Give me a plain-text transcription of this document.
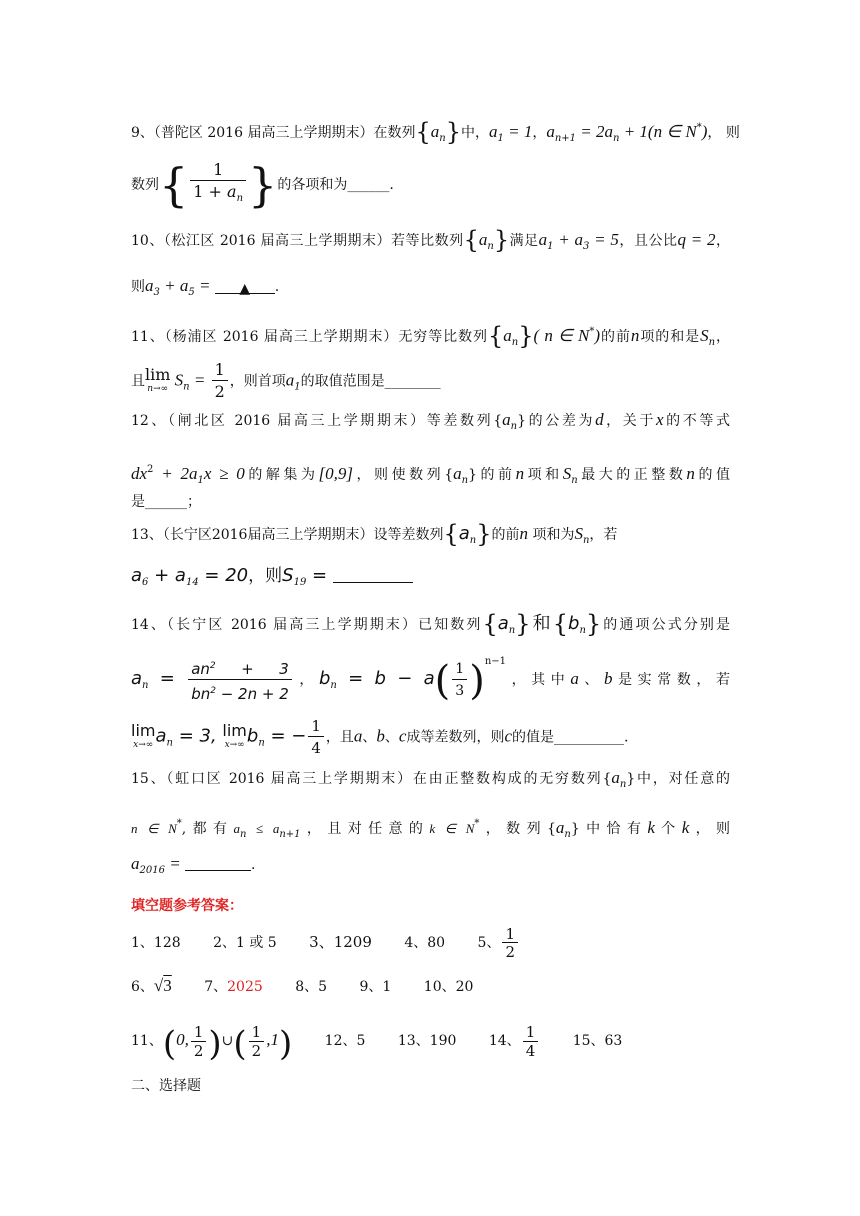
9、（普陀区 2016 届高三上学期期末）在数列$\{a_n\}$中，$a_1 = 1$，$a_{n+1} = 2a_n + 1(n$ ∈ N*)， 则
数列{ $\frac{1}{1 + a_n}$ }的各项和为______.
10、（松江区 2016 届高三上学期期末）若等比数列$\{a_n\}$满足$a_1 + a_3 = 5$，且公比q = 2，
则$a_3 + a_5$ = ▲ .
11、（杨浦区 2016 届高三上学期期末）无穷等比数列$\{a_n\}$( n ∈ N*)的前n项的和是$S_n$，
且 lim
n→∞ $S_n = \frac{1}{2}$ ，则首项$a_1$的取值范围是________
12、（闸北区 2016 届高三上学期期末）等差数列$\{a_n\}$的公差为d，关于x的不等式
$dx^2 + 2a_1x \ge 0$的解集为[0,9]，则使数列$\{a_n\}$的前n项和$S_n$最大的正整数n的值
是______；
13、（长宁区2016届高三上学期期末）设等差数列$\{a_n\}$的前n 项和为$S_n$，若
$a_6 + a_{14} = 20$，则$S_{19}$ =
14、（长宁区 2016 届高三上学期期末）已知数列$\{a_n\}$和$\{b_n\}$的通项公式分别是
$a_n = \frac{an^2 + 3}{bn^2 - 2n + 2}$ ，$b_n = b - a( \frac{1}{3} )^{n-1}$，其中a、b是实常数，若
lim
x→∞ $a_n = 3$, lim
x→∞ $b_n$ = − $\frac{1}{4}$ ，且a、b、c成等差数列，则c的值是__________.
15、（虹口区 2016 届高三上学期期末）在由正整数构成的无穷数列$\{a_n\}$中，对任意的
n ∈ N*,都有$a_n \le a_{n+1}$，且对任意的k ∈ N*，数列$\{a_n\}$中恰有k个k，则
$a_{2016}$ =	.
填空题参考答案：
1、128 2、1 或 5 3、1209 4、80 5、 $\frac{1}{2}$
6、√3 7、2025 8、5 9、1 10、20
11、(0, $\frac{1}{2}$ )∪( $\frac{1}{2} ,1$) 12、5 13、190 14、 $\frac{1}{4} 15$、63
二、选择题
